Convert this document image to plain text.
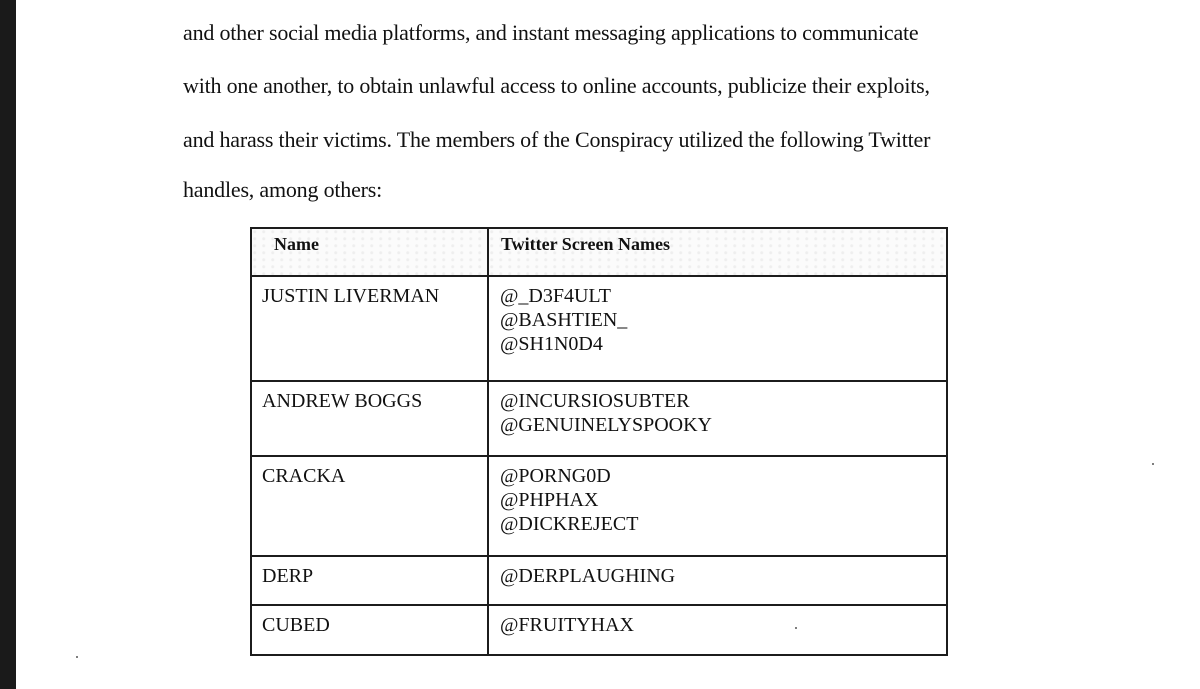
and other social media platforms, and instant messaging applications to communicate
with one another, to obtain unlawful access to online accounts, publicize their exploits,
and harass their victims. The members of the Conspiracy utilized the following Twitter
handles, among others:
Name	Twitter Screen Names

JUSTIN LIVERMAN	@_D3F4ULT
@BASHTIEN_
@SH1N0D4

ANDREW BOGGS	@INCURSIOSUBTER
@GENUINELYSPOOKY

CRACKA	@PORNG0D
@PHPHAX
@DICKREJECT

DERP	@DERPLAUGHING

CUBED	@FRUITYHAX
